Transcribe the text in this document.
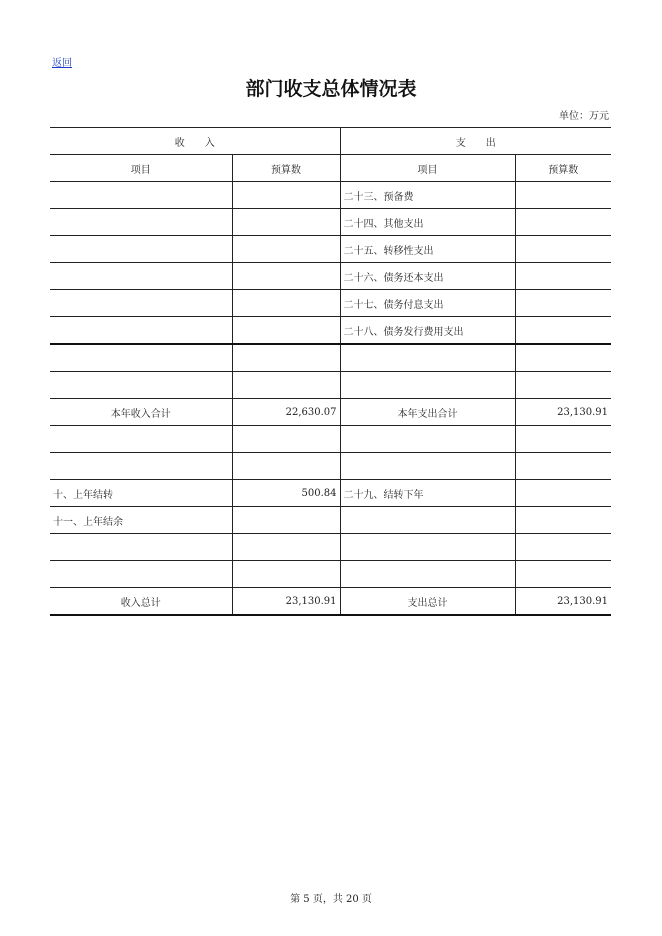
返回
部门收支总体情况表
单位：万元
收　　入		支　　出	
项目	预算数	项目	预算数
		二十三、预备费	
		二十四、其他支出	
		二十五、转移性支出	
		二十六、债务还本支出	
		二十七、债务付息支出	
		二十八、债务发行费用支出	

本年收入合计	22,630.07	本年支出合计	23,130.91

十、上年结转	500.84	二十九、结转下年	
十一、上年结余			

收入总计	23,130.91	支出总计	23,130.91
第 5 页，共 20 页
